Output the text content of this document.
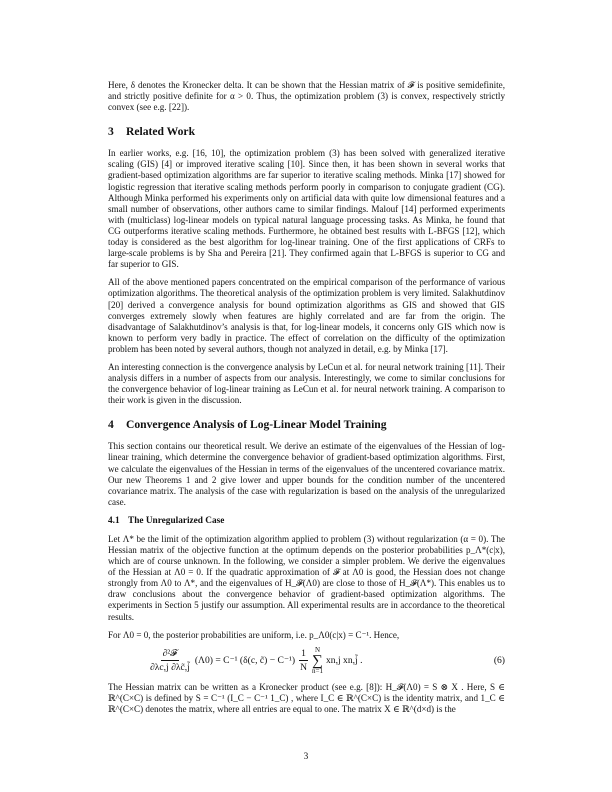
Here, δ denotes the Kronecker delta. It can be shown that the Hessian matrix of 𝓕 is positive semidefinite, and strictly positive definite for α > 0. Thus, the optimization problem (3) is convex, respectively strictly convex (see e.g. [22]).

3 Related Work

In earlier works, e.g. [16, 10], the optimization problem (3) has been solved with generalized iterative scaling (GIS) [4] or improved iterative scaling [10]. Since then, it has been shown in several works that gradient-based optimization algorithms are far superior to iterative scaling methods. Minka [17] showed for logistic regression that iterative scaling methods perform poorly in comparison to conjugate gradient (CG). Although Minka performed his experiments only on artificial data with quite low dimensional features and a small number of observations, other authors came to similar findings. Malouf [14] performed experiments with (multiclass) log-linear models on typical natural language processing tasks. As Minka, he found that CG outperforms iterative scaling methods. Furthermore, he obtained best results with L-BFGS [12], which today is considered as the best algorithm for log-linear training. One of the first applications of CRFs to large-scale problems is by Sha and Pereira [21]. They confirmed again that L-BFGS is superior to CG and far superior to GIS.

All of the above mentioned papers concentrated on the empirical comparison of the performance of various optimization algorithms. The theoretical analysis of the optimization problem is very limited. Salakhutdinov [20] derived a convergence analysis for bound optimization algorithms as GIS and showed that GIS converges extremely slowly when features are highly correlated and are far from the origin. The disadvantage of Salakhutdinov’s analysis is that, for log-linear models, it concerns only GIS which now is known to perform very badly in practice. The effect of correlation on the difficulty of the optimization problem has been noted by several authors, though not analyzed in detail, e.g. by Minka [17].

An interesting connection is the convergence analysis by LeCun et al. for neural network training [11]. Their analysis differs in a number of aspects from our analysis. Interestingly, we come to similar conclusions for the convergence behavior of log-linear training as LeCun et al. for neural network training. A comparison to their work is given in the discussion.

4 Convergence Analysis of Log-Linear Model Training

This section contains our theoretical result. We derive an estimate of the eigenvalues of the Hessian of log-linear training, which determine the convergence behavior of gradient-based optimization algorithms. First, we calculate the eigenvalues of the Hessian in terms of the eigenvalues of the uncentered covariance matrix. Our new Theorems 1 and 2 give lower and upper bounds for the condition number of the uncentered covariance matrix. The analysis of the case with regularization is based on the analysis of the unregularized case.

4.1 The Unregularized Case

Let Λ* be the limit of the optimization algorithm applied to problem (3) without regularization (α = 0). The Hessian matrix of the objective function at the optimum depends on the posterior probabilities p_Λ*(c|x), which are of course unknown. In the following, we consider a simpler problem. We derive the eigenvalues of the Hessian at Λ0 = 0. If the quadratic approximation of 𝓕 at Λ0 is good, the Hessian does not change strongly from Λ0 to Λ*, and the eigenvalues of H_𝓕(Λ0) are close to those of H_𝓕(Λ*). This enables us to draw conclusions about the convergence behavior of gradient-based optimization algorithms. The experiments in Section 5 justify our assumption. All experimental results are in accordance to the theoretical results.

For Λ0 = 0, the posterior probabilities are uniform, i.e. p_Λ0(c|x) = C⁻¹. Hence,

$\frac{\text{∂²𝓕}}{\partial\lambda c,j \partial\lambda c̃,j̃} (\Lambda 0) = C^{-1}$ (δ(c, c̃) − $C^{-1}) \frac{1}{N}$ N
∑
n=1
xn,j xn,j̃ .	(6)

The Hessian matrix can be written as a Kronecker product (see e.g. [8]): H_𝓕(Λ0) = S ⊗ X . Here, S ∈ ℝ^(C×C) is defined by S = C⁻¹ (I_C − C⁻¹ 1_C) , where I_C ∈ ℝ^(C×C) is the identity matrix, and 1_C ∈ ℝ^(C×C) denotes the matrix, where all entries are equal to one. The matrix X ∈ ℝ^(d×d) is the

3
